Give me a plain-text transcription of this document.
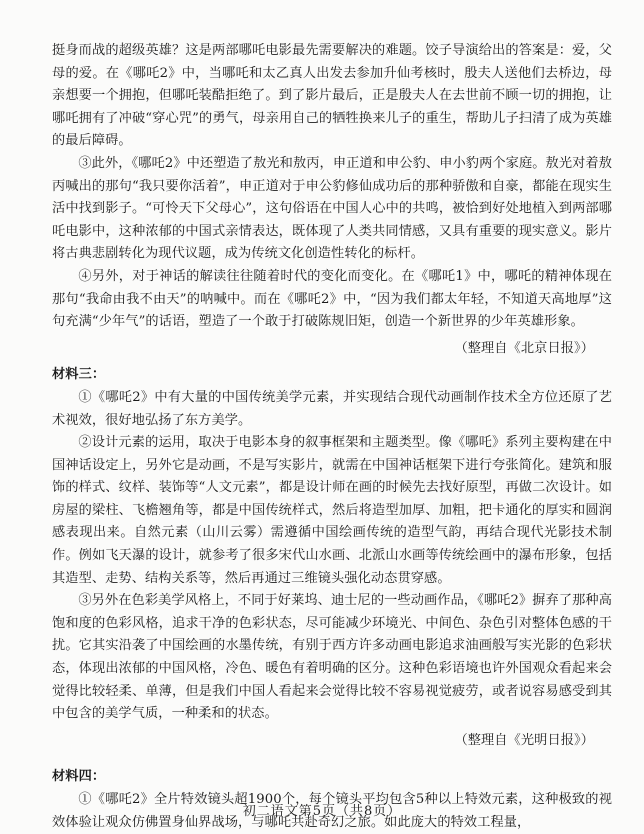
挺身而战的超级英雄？这是两部哪吒电影最先需要解决的难题。饺子导演给出的答案是：爱，父母的爱。在《哪吒2》中，当哪吒和太乙真人出发去参加升仙考核时，殷夫人送他们去桥边，母亲想要一个拥抱，但哪吒装酷拒绝了。到了影片最后，正是殷夫人在去世前不顾一切的拥抱，让哪吒拥有了冲破“穿心咒”的勇气，母亲用自己的牺牲换来儿子的重生，帮助儿子扫清了成为英雄的最后障碍。

③此外，《哪吒2》中还塑造了敖光和敖丙，申正道和申公豹、申小豹两个家庭。敖光对着敖丙喊出的那句“我只要你活着”，申正道对于申公豹修仙成功后的那种骄傲和自豪，都能在现实生活中找到影子。“可怜天下父母心”，这句俗语在中国人心中的共鸣，被恰到好处地植入到两部哪吒电影中，这种浓郁的中国式亲情表达，既体现了人类共同情感，又具有重要的现实意义。影片将古典悲剧转化为现代议题，成为传统文化创造性转化的标杆。

④另外，对于神话的解读往往随着时代的变化而变化。在《哪吒1》中，哪吒的精神体现在那句“我命由我不由天”的呐喊中。而在《哪吒2》中，“因为我们都太年轻，不知道天高地厚”这句充满“少年气”的话语，塑造了一个敢于打破陈规旧矩，创造一个新世界的少年英雄形象。

（整理自《北京日报》）

材料三：

①《哪吒2》中有大量的中国传统美学元素，并实现结合现代动画制作技术全方位还原了艺术视效，很好地弘扬了东方美学。

②设计元素的运用，取决于电影本身的叙事框架和主题类型。像《哪吒》系列主要构建在中国神话设定上，另外它是动画，不是写实影片，就需在中国神话框架下进行夸张简化。建筑和服饰的样式、纹样、装饰等“人文元素”，都是设计师在画的时候先去找好原型，再做二次设计。如房屋的梁柱、飞檐翘角等，都是中国传统样式，然后将造型加厚、加粗，把卡通化的厚实和圆润感表现出来。自然元素（山川云雾）需遵循中国绘画传统的造型气韵，再结合现代光影技术制作。例如飞天瀑的设计，就参考了很多宋代山水画、北派山水画等传统绘画中的瀑布形象，包括其造型、走势、结构关系等，然后再通过三维镜头强化动态贯穿感。

③另外在色彩美学风格上，不同于好莱坞、迪士尼的一些动画作品，《哪吒2》摒弃了那种高饱和度的色彩风格，追求干净的色彩状态，尽可能减少环境光、中间色、杂色引对整体色感的干扰。它其实沿袭了中国绘画的水墨传统，有别于西方许多动画电影追求油画般写实光影的色彩状态，体现出浓郁的中国风格，冷色、暖色有着明确的区分。这种色彩语境也许外国观众看起来会觉得比较轻柔、单薄，但是我们中国人看起来会觉得比较不容易视觉疲劳，或者说容易感受到其中包含的美学气质，一种柔和的状态。

（整理自《光明日报》）

材料四：

①《哪吒2》全片特效镜头超1900个，每个镜头平均包含5种以上特效元素，这种极致的视效体验让观众仿佛置身仙界战场，与哪吒共赴奇幻之旅。如此庞大的特效工程量，

初二语文第5页（共8页）
